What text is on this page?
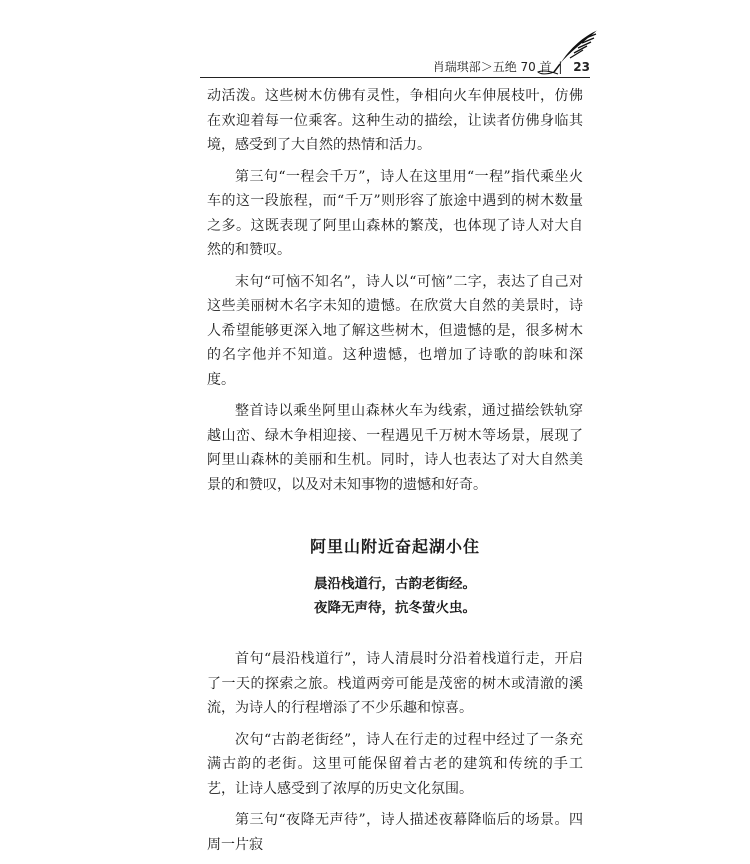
肖瑞琪部＞五绝 70 首 | 23

动活泼。这些树木仿佛有灵性，争相向火车伸展枝叶，仿佛在欢迎着每一位乘客。这种生动的描绘，让读者仿佛身临其境，感受到了大自然的热情和活力。

第三句“一程会千万”，诗人在这里用“一程”指代乘坐火车的这一段旅程，而“千万”则形容了旅途中遇到的树木数量之多。这既表现了阿里山森林的繁茂，也体现了诗人对大自然的和赞叹。

末句“可恼不知名”，诗人以“可恼”二字，表达了自己对这些美丽树木名字未知的遗憾。在欣赏大自然的美景时，诗人希望能够更深入地了解这些树木，但遗憾的是，很多树木的名字他并不知道。这种遗憾，也增加了诗歌的韵味和深度。

整首诗以乘坐阿里山森林火车为线索，通过描绘铁轨穿越山峦、绿木争相迎接、一程遇见千万树木等场景，展现了阿里山森林的美丽和生机。同时，诗人也表达了对大自然美景的和赞叹，以及对未知事物的遗憾和好奇。

阿里山附近奋起湖小住
晨沿栈道行，古韵老街经。
夜降无声待，抗冬萤火虫。

首句“晨沿栈道行”，诗人清晨时分沿着栈道行走，开启了一天的探索之旅。栈道两旁可能是茂密的树木或清澈的溪流，为诗人的行程增添了不少乐趣和惊喜。

次句“古韵老街经”，诗人在行走的过程中经过了一条充满古韵的老街。这里可能保留着古老的建筑和传统的手工艺，让诗人感受到了浓厚的历史文化氛围。

第三句“夜降无声待”，诗人描述夜幕降临后的场景。四周一片寂
